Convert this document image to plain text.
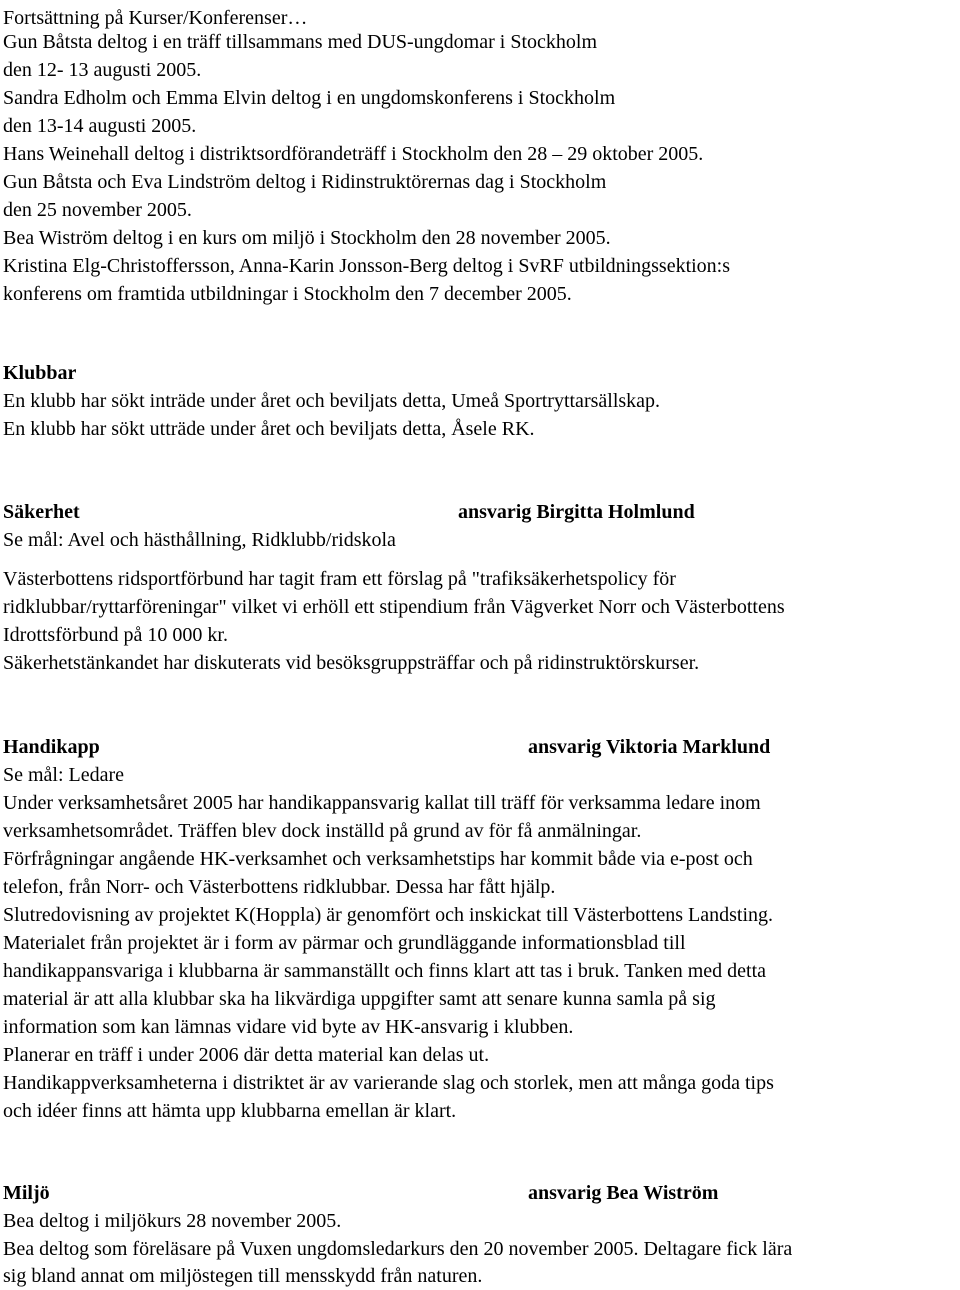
Fortsättning på Kurser/Konferenser…
Gun Båtsta deltog i en träff tillsammans med DUS-ungdomar i Stockholm
den 12- 13 augusti 2005.
Sandra Edholm och Emma Elvin deltog i en ungdomskonferens i Stockholm
den 13-14 augusti 2005.
Hans Weinehall deltog i distriktsordförandeträff i Stockholm den 28 – 29 oktober 2005.
Gun Båtsta och Eva Lindström deltog i Ridinstruktörernas dag i Stockholm
den 25 november 2005.
Bea Wiström deltog i en kurs om miljö i Stockholm den 28 november 2005.
Kristina Elg-Christoffersson, Anna-Karin Jonsson-Berg deltog i SvRF utbildningssektion:s
konferens om framtida utbildningar i Stockholm den 7 december 2005.
Klubbar
En klubb har sökt inträde under året och beviljats detta, Umeå Sportryttarsällskap.
En klubb har sökt utträde under året och beviljats detta, Åsele RK.
Säkerhet	ansvarig Birgitta Holmlund
Se mål: Avel och hästhållning, Ridklubb/ridskola
Västerbottens ridsportförbund har tagit fram ett förslag på "trafiksäkerhetspolicy för
ridklubbar/ryttarföreningar" vilket vi erhöll ett stipendium från Vägverket Norr och Västerbottens
Idrottsförbund på 10 000 kr.
Säkerhetstänkandet har diskuterats vid besöksgruppsträffar och på ridinstruktörskurser.
Handikapp	ansvarig Viktoria Marklund
Se mål: Ledare
Under verksamhetsåret 2005 har handikappansvarig kallat till träff för verksamma ledare inom
verksamhetsområdet. Träffen blev dock inställd på grund av för få anmälningar.
Förfrågningar angående HK-verksamhet och verksamhetstips har kommit både via e-post och
telefon, från Norr- och Västerbottens ridklubbar. Dessa har fått hjälp.
Slutredovisning av projektet K(Hoppla) är genomfört och inskickat till Västerbottens Landsting.
Materialet från projektet är i form av pärmar och grundläggande informationsblad till
handikappansvariga i klubbarna är sammanställt och finns klart att tas i bruk. Tanken med detta
material är att alla klubbar ska ha likvärdiga uppgifter samt att senare kunna samla på sig
information som kan lämnas vidare vid byte av HK-ansvarig i klubben.
Planerar en träff i under 2006 där detta material kan delas ut.
Handikappverksamheterna i distriktet är av varierande slag och storlek, men att många goda tips
och idéer finns att hämta upp klubbarna emellan är klart.
Miljö	ansvarig Bea Wiström
Bea deltog i miljökurs 28 november 2005.
Bea deltog som föreläsare på Vuxen ungdomsledarkurs den 20 november 2005. Deltagare fick lära
sig bland annat om miljöstegen till mensskydd från naturen.
